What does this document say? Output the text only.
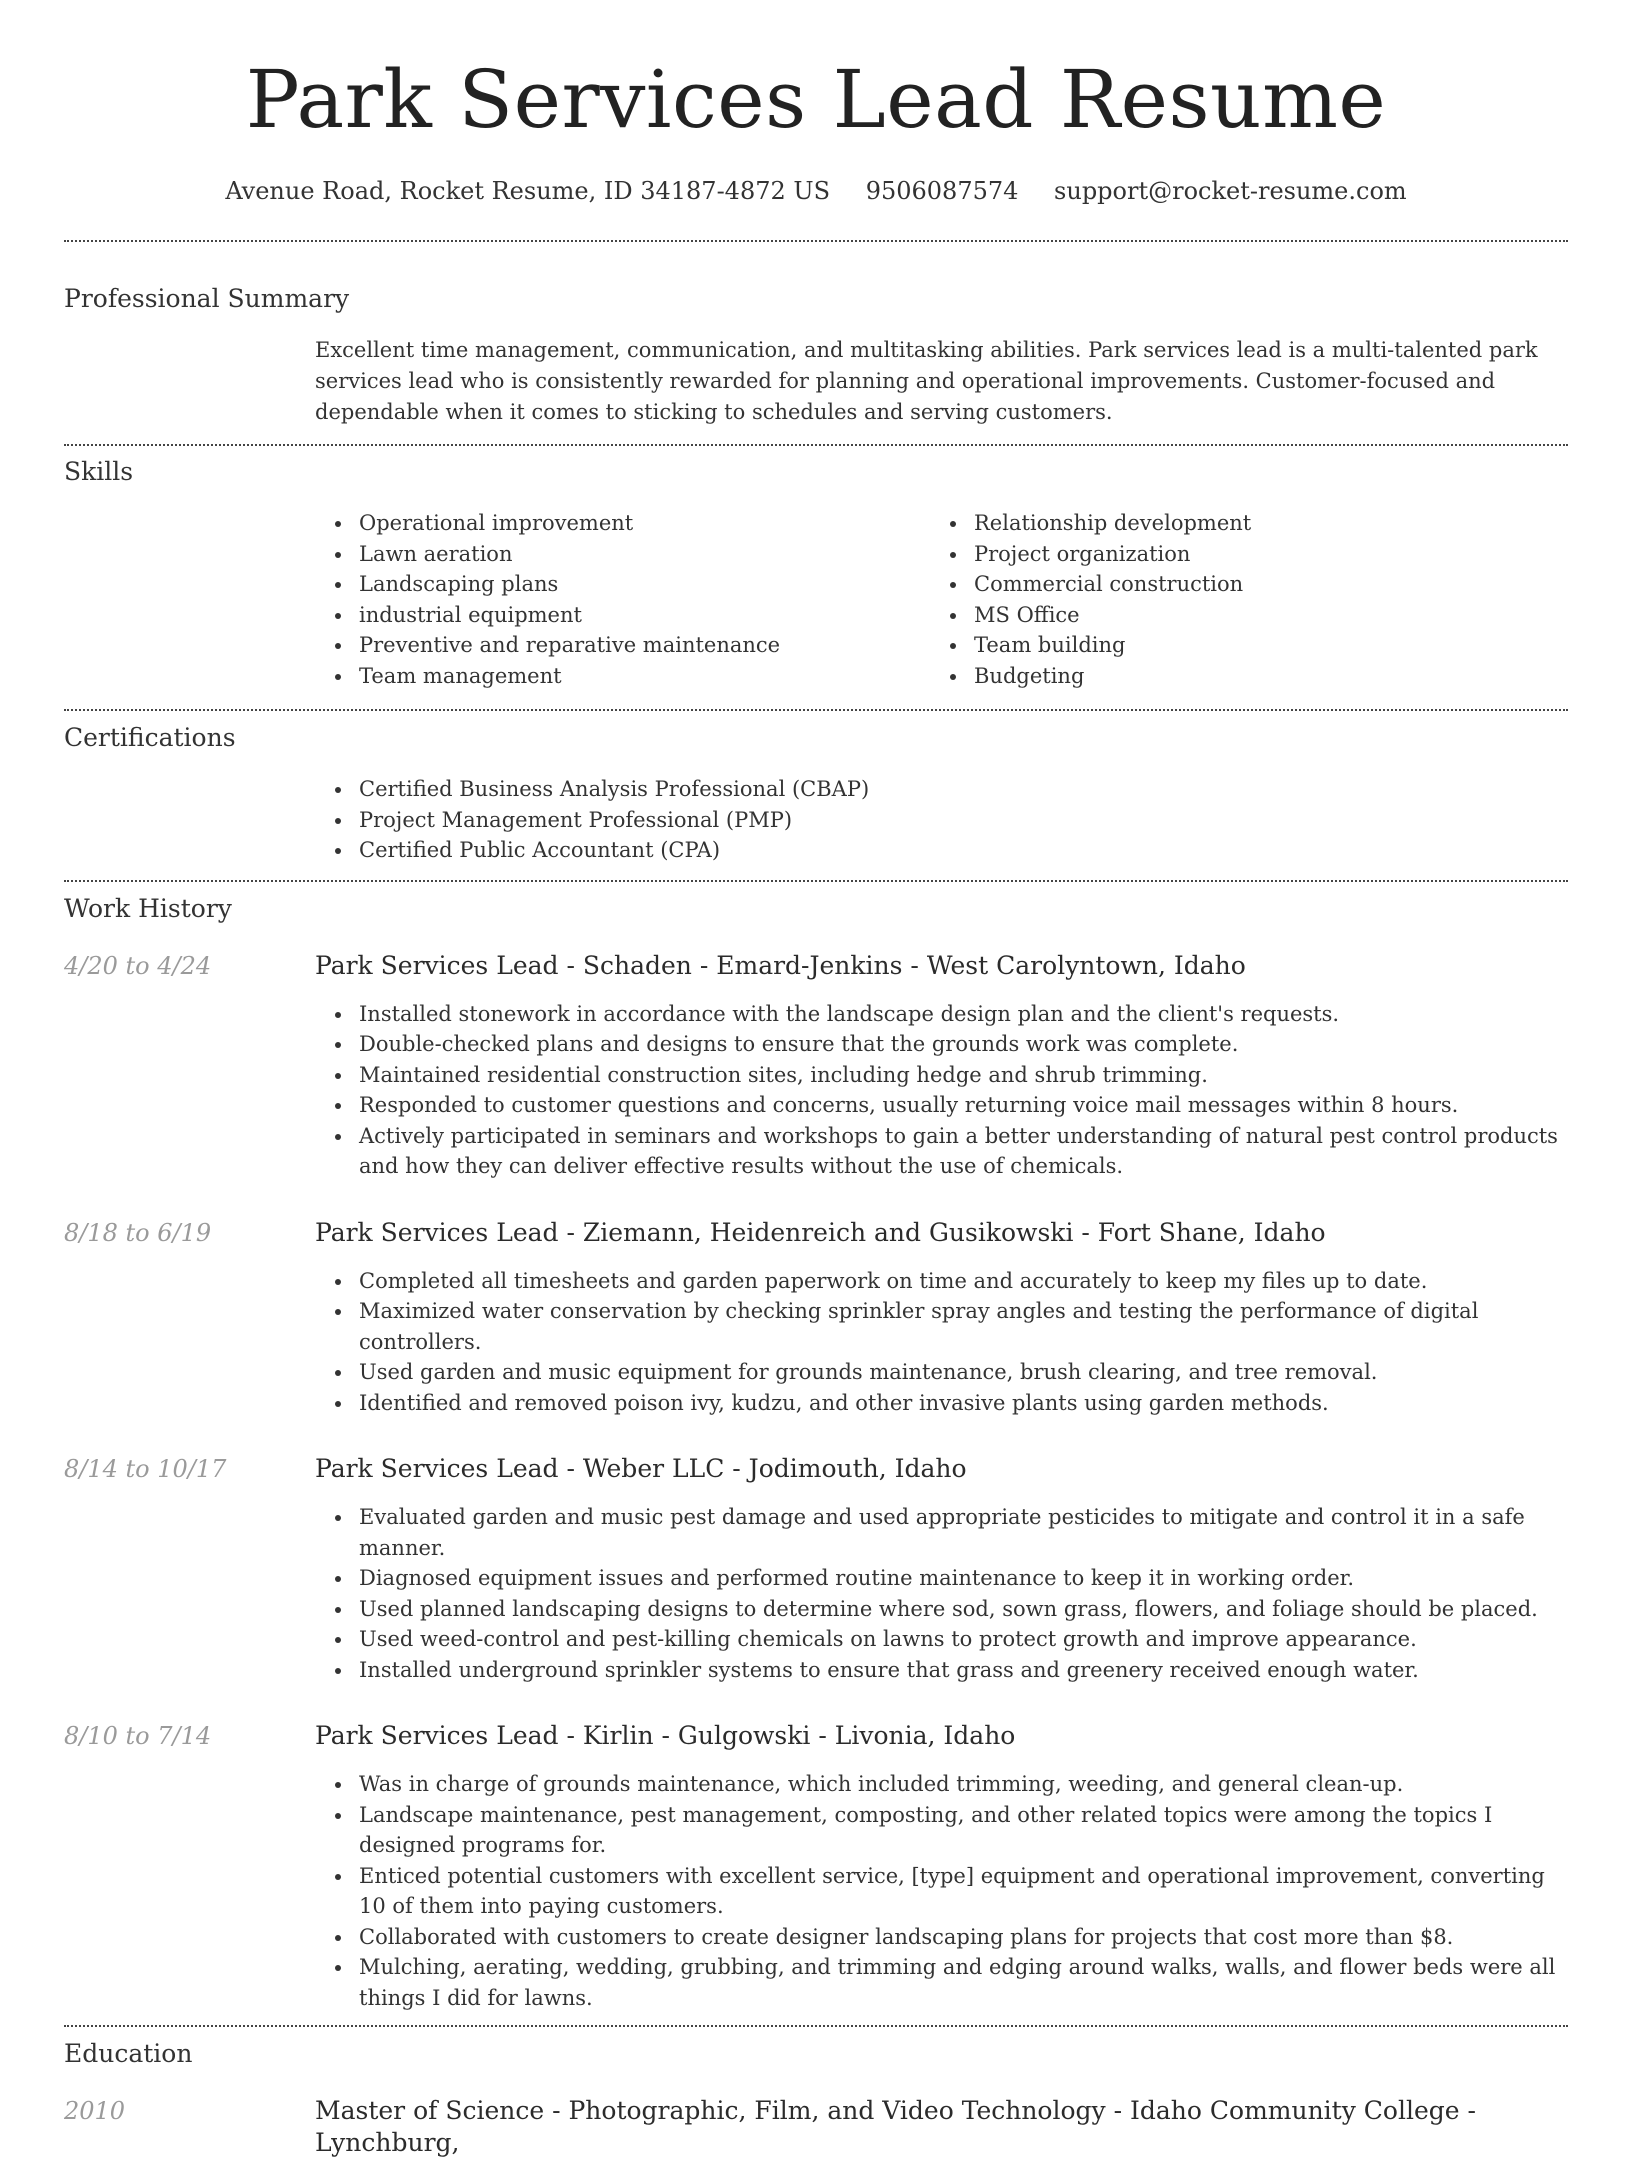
Park Services Lead Resume
Avenue Road, Rocket Resume, ID 34187-4872 US 9506087574 support@rocket-resume.com
Professional Summary

Excellent time management, communication, and multitasking abilities. Park services lead is a multi-talented park services lead who is consistently rewarded for planning and operational improvements. Customer-focused and dependable when it comes to sticking to schedules and serving customers.

Skills
Operational improvement
Lawn aeration
Landscaping plans
industrial equipment
Preventive and reparative maintenance
Team management
Relationship development
Project organization
Commercial construction
MS Office
Team building
Budgeting
Certifications
Certified Business Analysis Professional (CBAP)
Project Management Professional (PMP)
Certified Public Accountant (CPA)
Work History
4/20 to 4/24	Park Services Lead - Schaden - Emard-Jenkins - West Carolyntown, Idaho
Installed stonework in accordance with the landscape design plan and the client's requests.
Double-checked plans and designs to ensure that the grounds work was complete.
Maintained residential construction sites, including hedge and shrub trimming.
Responded to customer questions and concerns, usually returning voice mail messages within 8 hours.
Actively participated in seminars and workshops to gain a better understanding of natural pest control products and how they can deliver effective results without the use of chemicals.
8/18 to 6/19	Park Services Lead - Ziemann, Heidenreich and Gusikowski - Fort Shane, Idaho
Completed all timesheets and garden paperwork on time and accurately to keep my files up to date.
Maximized water conservation by checking sprinkler spray angles and testing the performance of digital controllers.
Used garden and music equipment for grounds maintenance, brush clearing, and tree removal.
Identified and removed poison ivy, kudzu, and other invasive plants using garden methods.
8/14 to 10/17	Park Services Lead - Weber LLC - Jodimouth, Idaho
Evaluated garden and music pest damage and used appropriate pesticides to mitigate and control it in a safe manner.
Diagnosed equipment issues and performed routine maintenance to keep it in working order.
Used planned landscaping designs to determine where sod, sown grass, flowers, and foliage should be placed.
Used weed-control and pest-killing chemicals on lawns to protect growth and improve appearance.
Installed underground sprinkler systems to ensure that grass and greenery received enough water.
8/10 to 7/14	Park Services Lead - Kirlin - Gulgowski - Livonia, Idaho
Was in charge of grounds maintenance, which included trimming, weeding, and general clean-up.
Landscape maintenance, pest management, composting, and other related topics were among the topics I designed programs for.
Enticed potential customers with excellent service, [type] equipment and operational improvement, converting 10 of them into paying customers.
Collaborated with customers to create designer landscaping plans for projects that cost more than $8.
Mulching, aerating, wedding, grubbing, and trimming and edging around walks, walls, and flower beds were all things I did for lawns.
Education
2010	Master of Science - Photographic, Film, and Video Technology - Idaho Community College - Lynchburg,
